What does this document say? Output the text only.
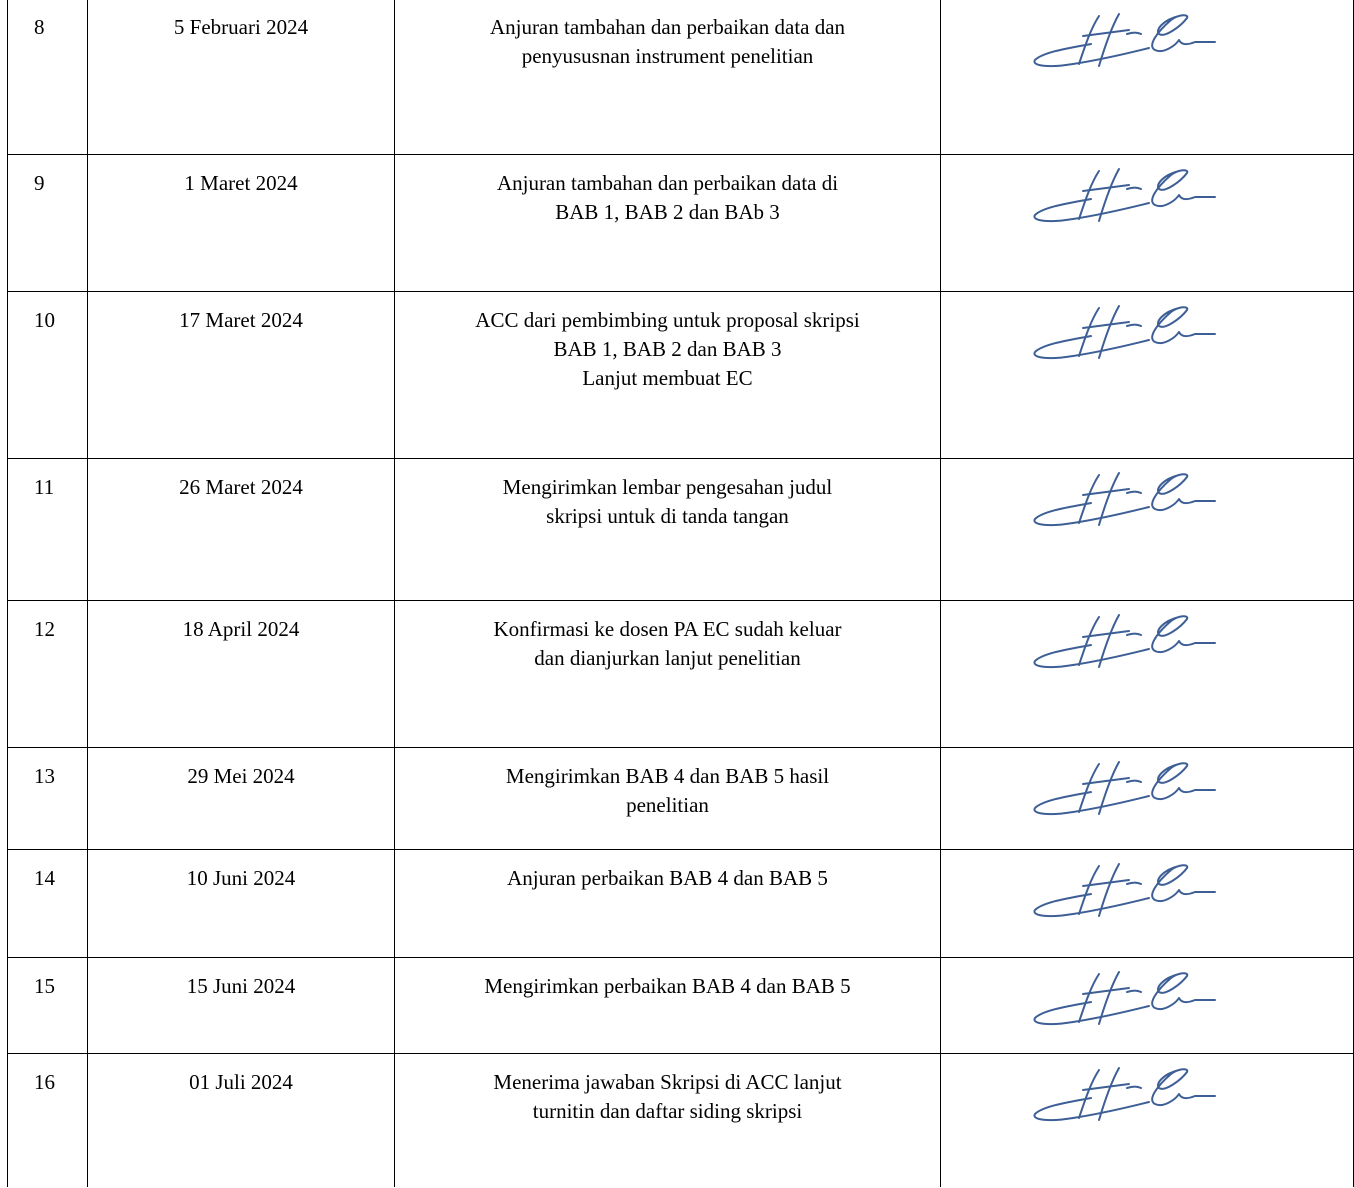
8	5 Februari 2024	Anjuran tambahan dan perbaikan data dan
penyususnan instrument penelitian

9	1 Maret 2024	Anjuran tambahan dan perbaikan data di
BAB 1, BAB 2 dan BAb 3

10	17 Maret 2024	ACC dari pembimbing untuk proposal skripsi
BAB 1, BAB 2 dan BAB 3
Lanjut membuat EC

11	26 Maret 2024	Mengirimkan lembar pengesahan judul
skripsi untuk di tanda tangan

12	18 April 2024	Konfirmasi ke dosen PA EC sudah keluar
dan dianjurkan lanjut penelitian

13	29 Mei 2024	Mengirimkan BAB 4 dan BAB 5 hasil
penelitian

14	10 Juni 2024	Anjuran perbaikan BAB 4 dan BAB 5

15	15 Juni 2024	Mengirimkan perbaikan BAB 4 dan BAB 5

16	01 Juli 2024	Menerima jawaban Skripsi di ACC lanjut
turnitin dan daftar siding skripsi
